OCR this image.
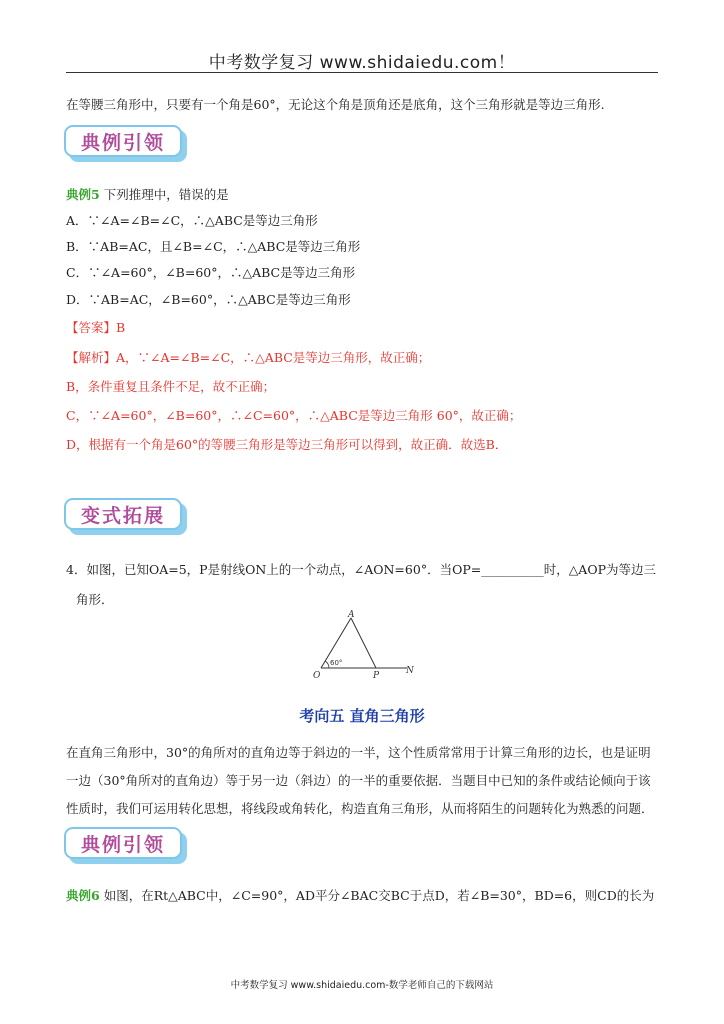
中考数学复习 www.shidaiedu.com！
在等腰三角形中，只要有一个角是60°，无论这个角是顶角还是底角，这个三角形就是等边三角形.
典例引领
典例5 下列推理中，错误的是
A．∵∠A=∠B=∠C，∴△ABC是等边三角形
B．∵AB=AC，且∠B=∠C，∴△ABC是等边三角形
C．∵∠A=60°，∠B=60°，∴△ABC是等边三角形
D．∵AB=AC，∠B=60°，∴△ABC是等边三角形
【答案】B
【解析】A，∵∠A=∠B=∠C，∴△ABC是等边三角形，故正确；
B，条件重复且条件不足，故不正确；
C，∵∠A=60°，∠B=60°，∴∠C=60°，∴△ABC是等边三角形 60°，故正确；
D，根据有一个角是60°的等腰三角形是等边三角形可以得到，故正确．故选B．
变式拓展
4．如图，已知OA=5，P是射线ON上的一个动点，∠AON=60°．当OP=__________时，△AOP为等边三
角形．
A
O	P	N
60°
考向五 直角三角形
在直角三角形中，30°的角所对的直角边等于斜边的一半，这个性质常常用于计算三角形的边长，也是证明
一边（30°角所对的直角边）等于另一边（斜边）的一半的重要依据．当题目中已知的条件或结论倾向于该
性质时，我们可运用转化思想，将线段或角转化，构造直角三角形，从而将陌生的问题转化为熟悉的问题．
典例引领
典例6 如图，在Rt△ABC中，∠C=90°，AD平分∠BAC交BC于点D，若∠B=30°，BD=6，则CD的长为
中考数学复习 www.shidaiedu.com-数学老师自己的下载网站
